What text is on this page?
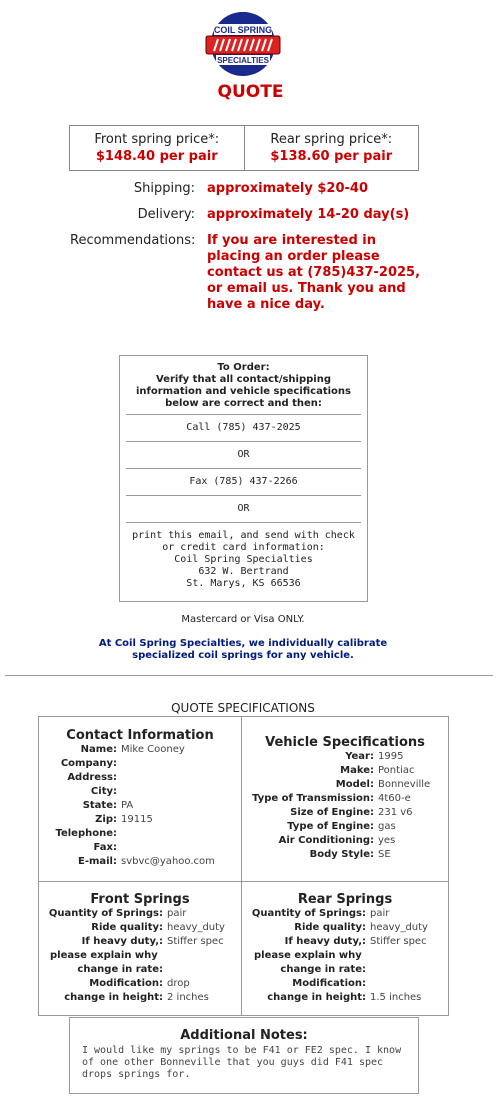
COIL SPRING
SPECIALTIES
QUOTE
Front spring price*:
$148.40 per pair
Rear spring price*:
$138.60 per pair
Shipping: approximately $20-40
Delivery: approximately 14-20 day(s)
Recommendations: If you are interested in placing an order please contact us at (785)437-2025, or email us. Thank you and have a nice day.
To Order:
Verify that all contact/shipping information and vehicle specifications below are correct and then:
Call (785) 437-2025
OR
Fax (785) 437-2266
OR
print this email, and send with check or credit card information:
Coil Spring Specialties
632 W. Bertrand
St. Marys, KS 66536
Mastercard or Visa ONLY.
At Coil Spring Specialties, we individually calibrate specialized coil springs for any vehicle.
QUOTE SPECIFICATIONS
Contact Information
Name: Mike Cooney
Company:
Address:
City:
State: PA
Zip: 19115
Telephone:
Fax:
E-mail: svbvc@yahoo.com
Vehicle Specifications
Year: 1995
Make: Pontiac
Model: Bonneville
Type of Transmission: 4t60-e
Size of Engine: 231 v6
Type of Engine: gas
Air Conditioning: yes
Body Style: SE
Front Springs
Quantity of Springs: pair
Ride quality: heavy_duty
If heavy duty,: Stiffer spec
please explain why
change in rate:
Modification: drop
change in height: 2 inches
Rear Springs
Quantity of Springs: pair
Ride quality: heavy_duty
If heavy duty,: Stiffer spec
please explain why
change in rate:
Modification:
change in height: 1.5 inches
Additional Notes:
I would like my springs to be F41 or FE2 spec. I know of one other Bonneville that you guys did F41 spec drops springs for.
